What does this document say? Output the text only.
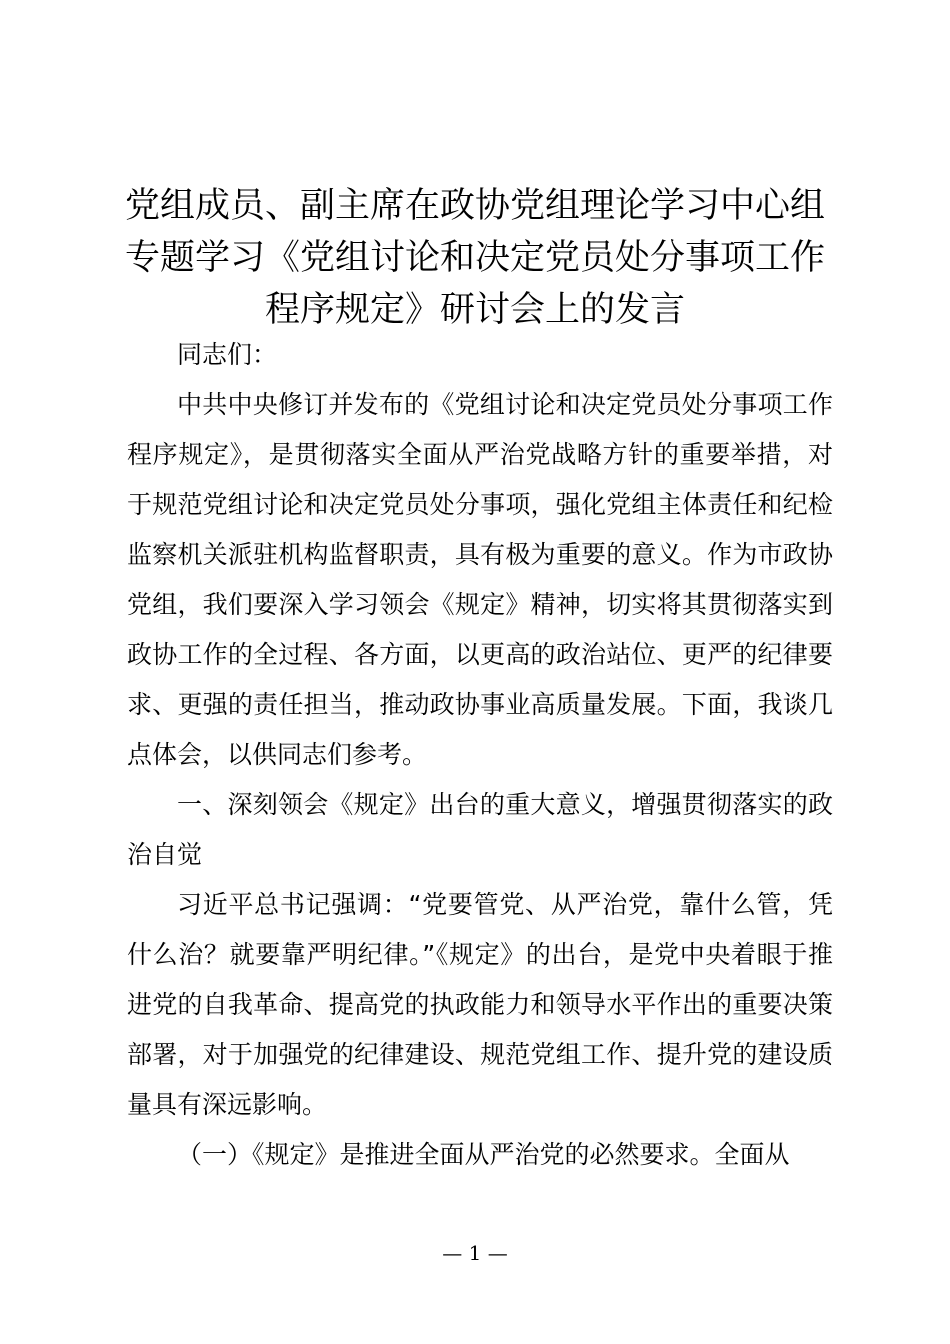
党组成员、副主席在政协党组理论学习中心组
专题学习《党组讨论和决定党员处分事项工作
程序规定》研讨会上的发言

同志们：

中共中央修订并发布的《党组讨论和决定党员处分事项工作程序规定》，是贯彻落实全面从严治党战略方针的重要举措，对于规范党组讨论和决定党员处分事项，强化党组主体责任和纪检监察机关派驻机构监督职责，具有极为重要的意义。作为市政协党组，我们要深入学习领会《规定》精神，切实将其贯彻落实到政协工作的全过程、各方面，以更高的政治站位、更严的纪律要求、更强的责任担当，推动政协事业高质量发展。下面，我谈几点体会，以供同志们参考。

一、深刻领会《规定》出台的重大意义，增强贯彻落实的政治自觉

习近平总书记强调：“党要管党、从严治党，靠什么管，凭什么治？就要靠严明纪律。”《规定》的出台，是党中央着眼于推进党的自我革命、提高党的执政能力和领导水平作出的重要决策部署，对于加强党的纪律建设、规范党组工作、提升党的建设质量具有深远影响。

（一）《规定》是推进全面从严治党的必然要求。全面从

— 1 —
